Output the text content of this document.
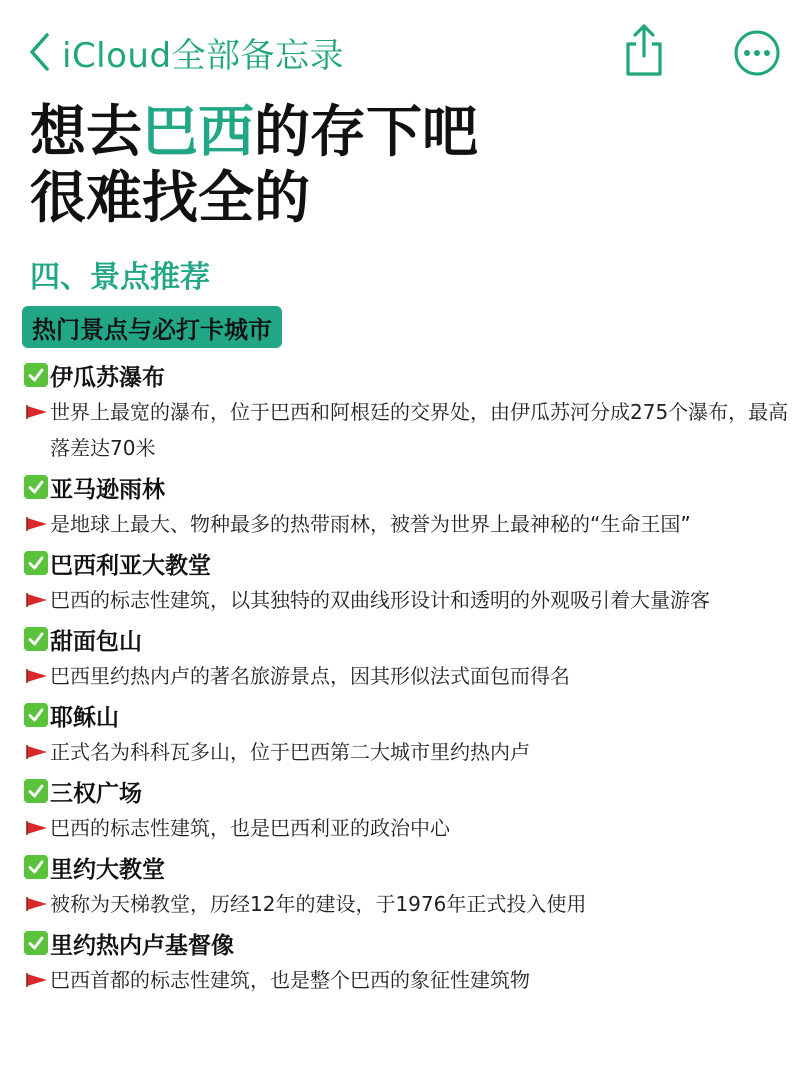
iCloud全部备忘录
想去巴西的存下吧
很难找全的
四、景点推荐
热门景点与必打卡城市
伊瓜苏瀑布
世界上最宽的瀑布，位于巴西和阿根廷的交界处，由伊瓜苏河分成275个瀑布，最高落差达70米
亚马逊雨林
是地球上最大、物种最多的热带雨林，被誉为世界上最神秘的“生命王国”
巴西利亚大教堂
巴西的标志性建筑，以其独特的双曲线形设计和透明的外观吸引着大量游客
甜面包山
巴西里约热内卢的著名旅游景点，因其形似法式面包而得名
耶稣山
正式名为科科瓦多山，位于巴西第二大城市里约热内卢
三权广场
巴西的标志性建筑，也是巴西利亚的政治中心
里约大教堂
被称为天梯教堂，历经12年的建设，于1976年正式投入使用
里约热内卢基督像
巴西首都的标志性建筑，也是整个巴西的象征性建筑物
